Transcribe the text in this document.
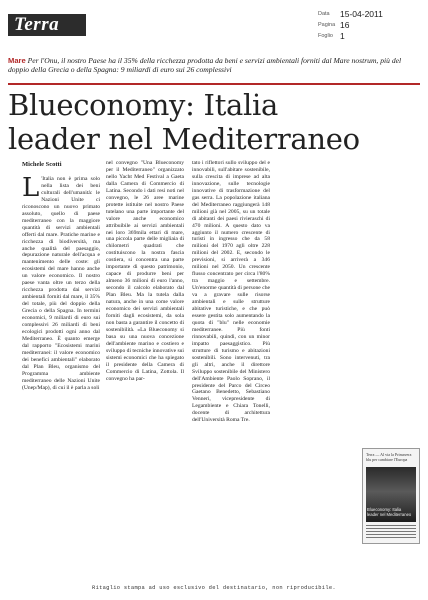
Terra
Data	15-04-2011
Pagina 16
Foglio 1
Mare Per l'Onu, il nostro Paese ha il 35% della ricchezza prodotta da beni e servizi ambientali forniti dal Mare nostrum, più del doppio della Grecia o della Spagna: 9 miliardi di euro sui 26 complessivi
Blueconomy: Italia
leader nel Mediterraneo
Michele Scotti
L 'Italia non è prima solo nella lista dei beni culturali dell'umanità: le Nazioni Unite ci riconoscono un nuovo primato assoluto, quello di paese mediterraneo con la maggiore quantità di servizi ambientali offerti dal mare. Pratiche marine e ricchezza di biodiversità, ma anche qualità del paesaggio, depurazione naturale dell'acqua e mantenimento delle coste: gli ecosistemi del mare hanno anche un valore economico. Il nostro paese vanta oltre un terzo della ricchezza prodotta dai servizi ambientali forniti dal mare, il 35% del totale, più del doppio della Grecia o della Spagna. In termini economici, 9 miliardi di euro sui complessivi 26 miliardi di beni ecologici prodotti ogni anno dal Mediterraneo. È quanto emerge dal rapporto "Ecosistemi marini mediterranei: il valore economico dei benefici ambientali" elaborato dal Plan Bleu, organismo del Programma ambiente mediterraneo delle Nazioni Unite (Unep/Map), di cui il è parla a soli
nel convegno "Una Blueconomy per il Mediterraneo" organizzato nello Yacht Med Festival a Gaeta dalla Camera di Commercio di Latina. Secondo i dati resi noti nel convegno, le 26 aree marine protette istituite nel nostro Paese tutelano una parte importante del valore anche economico attribuibile ai servizi ambientali nei loro 369mila ettari di mare, una piccola parte delle migliaia di chilometri quadrati che costituiscono la nostra fascia costiera, si concentra una parte importante di questo patrimonio, capace di produrre beni per almeno 36 milioni di euro l'anno, secondo il calcolo elaborato dal Plan Bleu. Ma la tutela dalla natura, anche in una come valore economico dei servizi ambientali forniti dagli ecosistemi, da sola non basta a garantire il concetto di sostenibilità. «La Blueconomy si basa su una nuova concezione dell'ambiente marino e costiero e sviluppo di tecniche innovative sui sistemi economici che ha spiegato il presidente della Camera di Commercio di Latina, Zottola. Il convegno ha par-
tato i riflettori sullo sviluppo del e innovabili, sull'abitare sostenibile, sulla crescita di imprese ad alta innovazione, sulle tecnologie innovative di trasformazione del gas serra. La popolazione italiana del Mediterraneo raggiungerà 148 milioni già nel 2005, su un totale di abitanti dei paesi rivieraschi di 470 milioni. A questo dato va aggiunto il numero crescente di turisti in ingresso che da 58 milioni del 1970 agli oltre 228 milioni del 2002. E, secondo le previsioni, si arriverà a 346 milioni nel 2050. Un crescente flusso concentrato per circa l'80% tra maggio e settembre. Un'enorme quantità di persone che va a gravare sulle risorse ambientali e sulle strutture abitative turistiche, e che può essere gestita solo aumentando la quota di "blu" nelle economie mediterranee. Più fonti rinnovabili, quindi, con un minor impatto paesaggistico. Più strutture di turismo e abitazioni sostenibili. Sono intervenuti, tra gli altri, anche il direttore Sviluppo sostenibile del Ministero dell'Ambiente Paolo Soprano, il presidente del Parco del Circeo Gaetano Benedetto, Sebastiano Venneri, vicepresidente di Legambiente e Chiara Tonelli, docente di architettura dell'Università Roma Tre.
Terra — Al via la Primavera blu per cambiare l'Europa
Blueconomy: Italia leader nel Mediterraneo
Ritaglio stampa ad uso esclusivo del destinatario, non riproducibile.
